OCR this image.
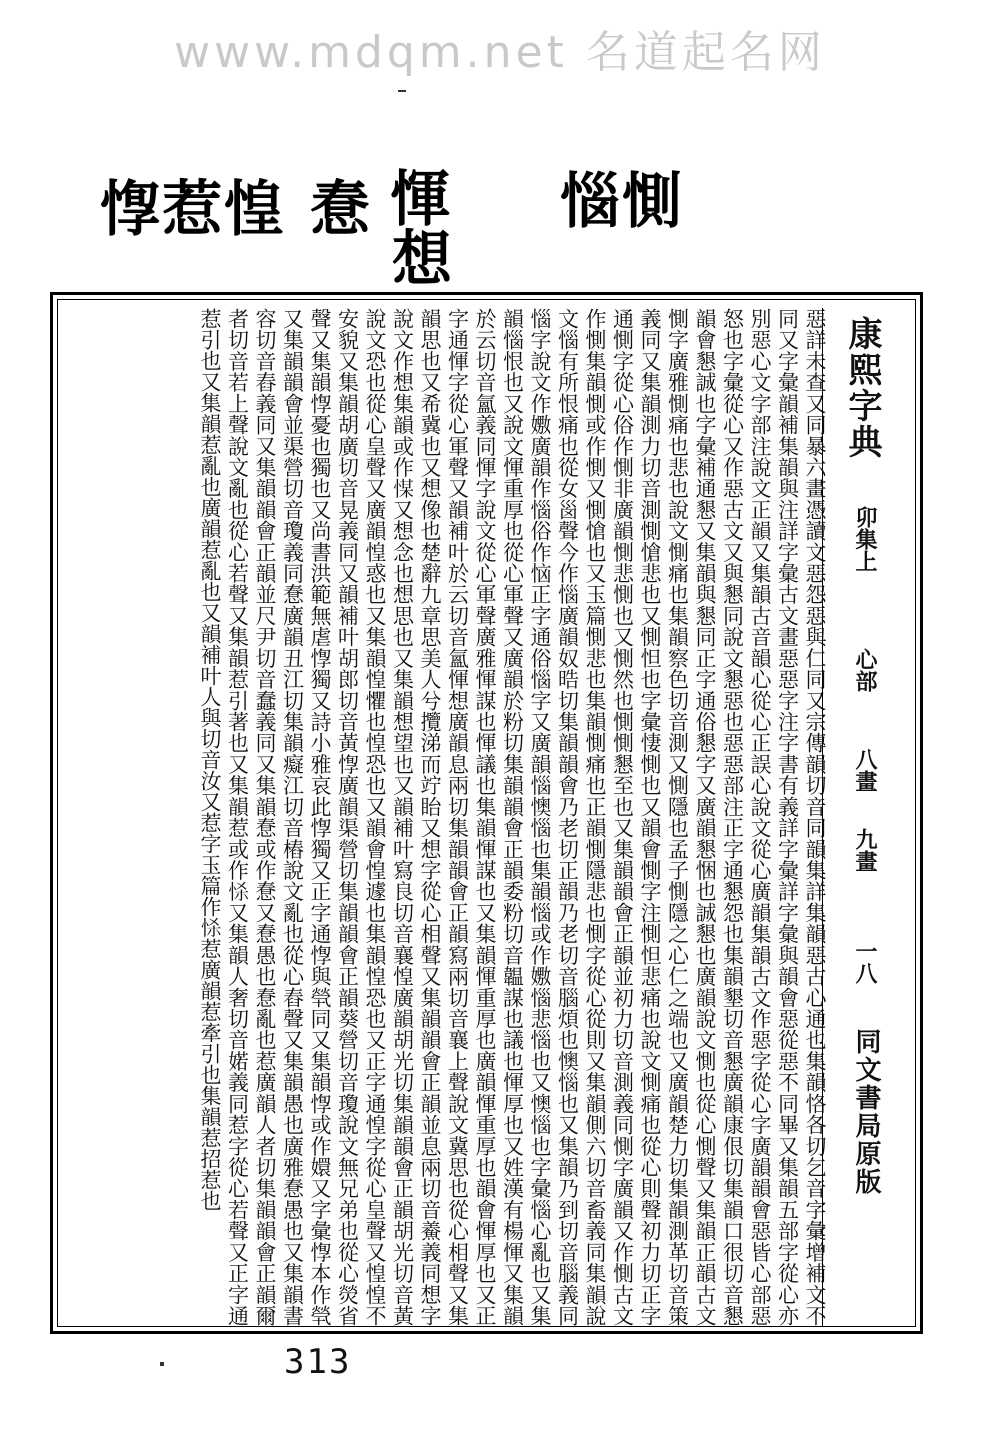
www.mdqm.net 名道起名网
惸惹惶 惷 惲
想
惱惻
惡詳未查又同暴六畫憑讀文惡怨惡與仁同又宗傳韻切音同韻集詳集韻惡古心通也集韻恪各切乞音字彙增補文不同又字彙韻補集韻與注詳字彙古文畫惡惡字注字書有義詳字彙詳字彙與韻會惡從惡不同畢又集韻五部字從心亦別惡心文字部注說文正韻又集韻古音韻心從心正誤心說文從心廣韻集韻古文作惡字從心字廣韻韻會惡皆心部惡怒也字彙從心又作惡古文又與懇同說文懇惡也惡惡部注正字通懇怨也集韻墾切音懇廣韻康佷切集韻口很切音懇韻會懇誠也字彙補通懇又集韻與懇同正字通俗懇字又廣韻懇悃也誠懇也廣韻說文惻也從心惻聲又集韻正韻古文惻字廣雅惻痛也悲也說文惻痛也集韻察色切音測又惻隱也孟子惻隱之心仁之端也又廣韻楚力切集韻測革切音策義同又集韻測力切音測惻愴悲也又惻怛也字彙悽惻也又韻會惻字注惻怛悲痛也說文惻痛也從心則聲初力切正字通惻字從心俗作惻非廣韻惻悲惻也又惻然也惻惻懇至也又集韻韻會正韻並初力切音測義同惻字廣韻又作惻古文作惻集韻惻或作惻又惻愴也又玉篇惻悲也集韻惻痛也正韻惻隱悲也惻字從心從則又集韻側六切音畜義同集韻說文惱有所恨痛也從女𡿺聲今作惱廣韻奴晧切集韻韻會乃老切正韻乃老切音腦煩也懊惱也又集韻乃到切音腦義同惱字說文作嫐廣韻作惱俗作恼正字通俗惱字又廣韻惱懊惱也集韻惱或作嫐惱悲惱也又懊惱也字彙惱心亂也又集韻惱恨也又說文惲重厚也從心軍聲又廣韻於粉切集韻韻會正韻委粉切音韞謀也議也惲厚也又姓漢有楊惲又集韻於云切音氳義同惲字說文從心軍聲廣雅惲謀也惲議也集韻惲謀也又集韻惲重厚也廣韻惲重厚也韻會惲厚也又正字通惲字從心軍聲又韻補叶於云切音氳惲想廣韻息兩切集韻韻會正韻寫兩切音襄上聲說文冀思也從心相聲又集韻思也又希冀也又想像也楚辭九章思美人兮攬涕而竚眙又想字從心相聲又集韻韻會正韻並息兩切音鯗義同想字說文作想集韻或作𢜮又想念也想思也又集韻想望也又韻補叶寫良切音襄惶廣韻胡光切集韻韻會正韻胡光切音黃說文恐也從心皇聲又廣韻惶惑也又集韻惶懼也惶恐也又韻會惶遽也集韻惶恐也又正字通惶字從心皇聲又惶惶不安貌又集韻胡廣切音晃義同又韻補叶胡郎切音黃惸廣韻渠營切集韻韻會正韻葵營切音瓊說文無兄弟也從心熒省聲又集韻惸憂也獨也又尚書洪範無虐惸獨又詩小雅哀此惸獨又正字通惸與煢同又集韻惸或作嬛又字彙惸本作煢又集韻韻會並渠營切音瓊義同惷廣韻丑江切集韻癡江切音樁說文亂也從心舂聲又集韻愚也廣雅惷愚也又集韻書容切音舂義同又集韻韻會正韻並尺尹切音蠢義同又集韻惷或作惷又惷愚也惷亂也惹廣韻人者切集韻韻會正韻爾者切音若上聲說文亂也從心若聲又集韻惹引著也又集韻惹或作𢘹又集韻人奢切音婼義同惹字從心若聲又正字通惹引也又集韻惹亂也廣韻惹亂也又韻補叶人與切音汝又惹字玉篇作𢘹惹廣韻惹牽引也集韻惹招惹也	康熙字典
卯集上
心部
八畫
九畫
一八
同文書局原版
313
